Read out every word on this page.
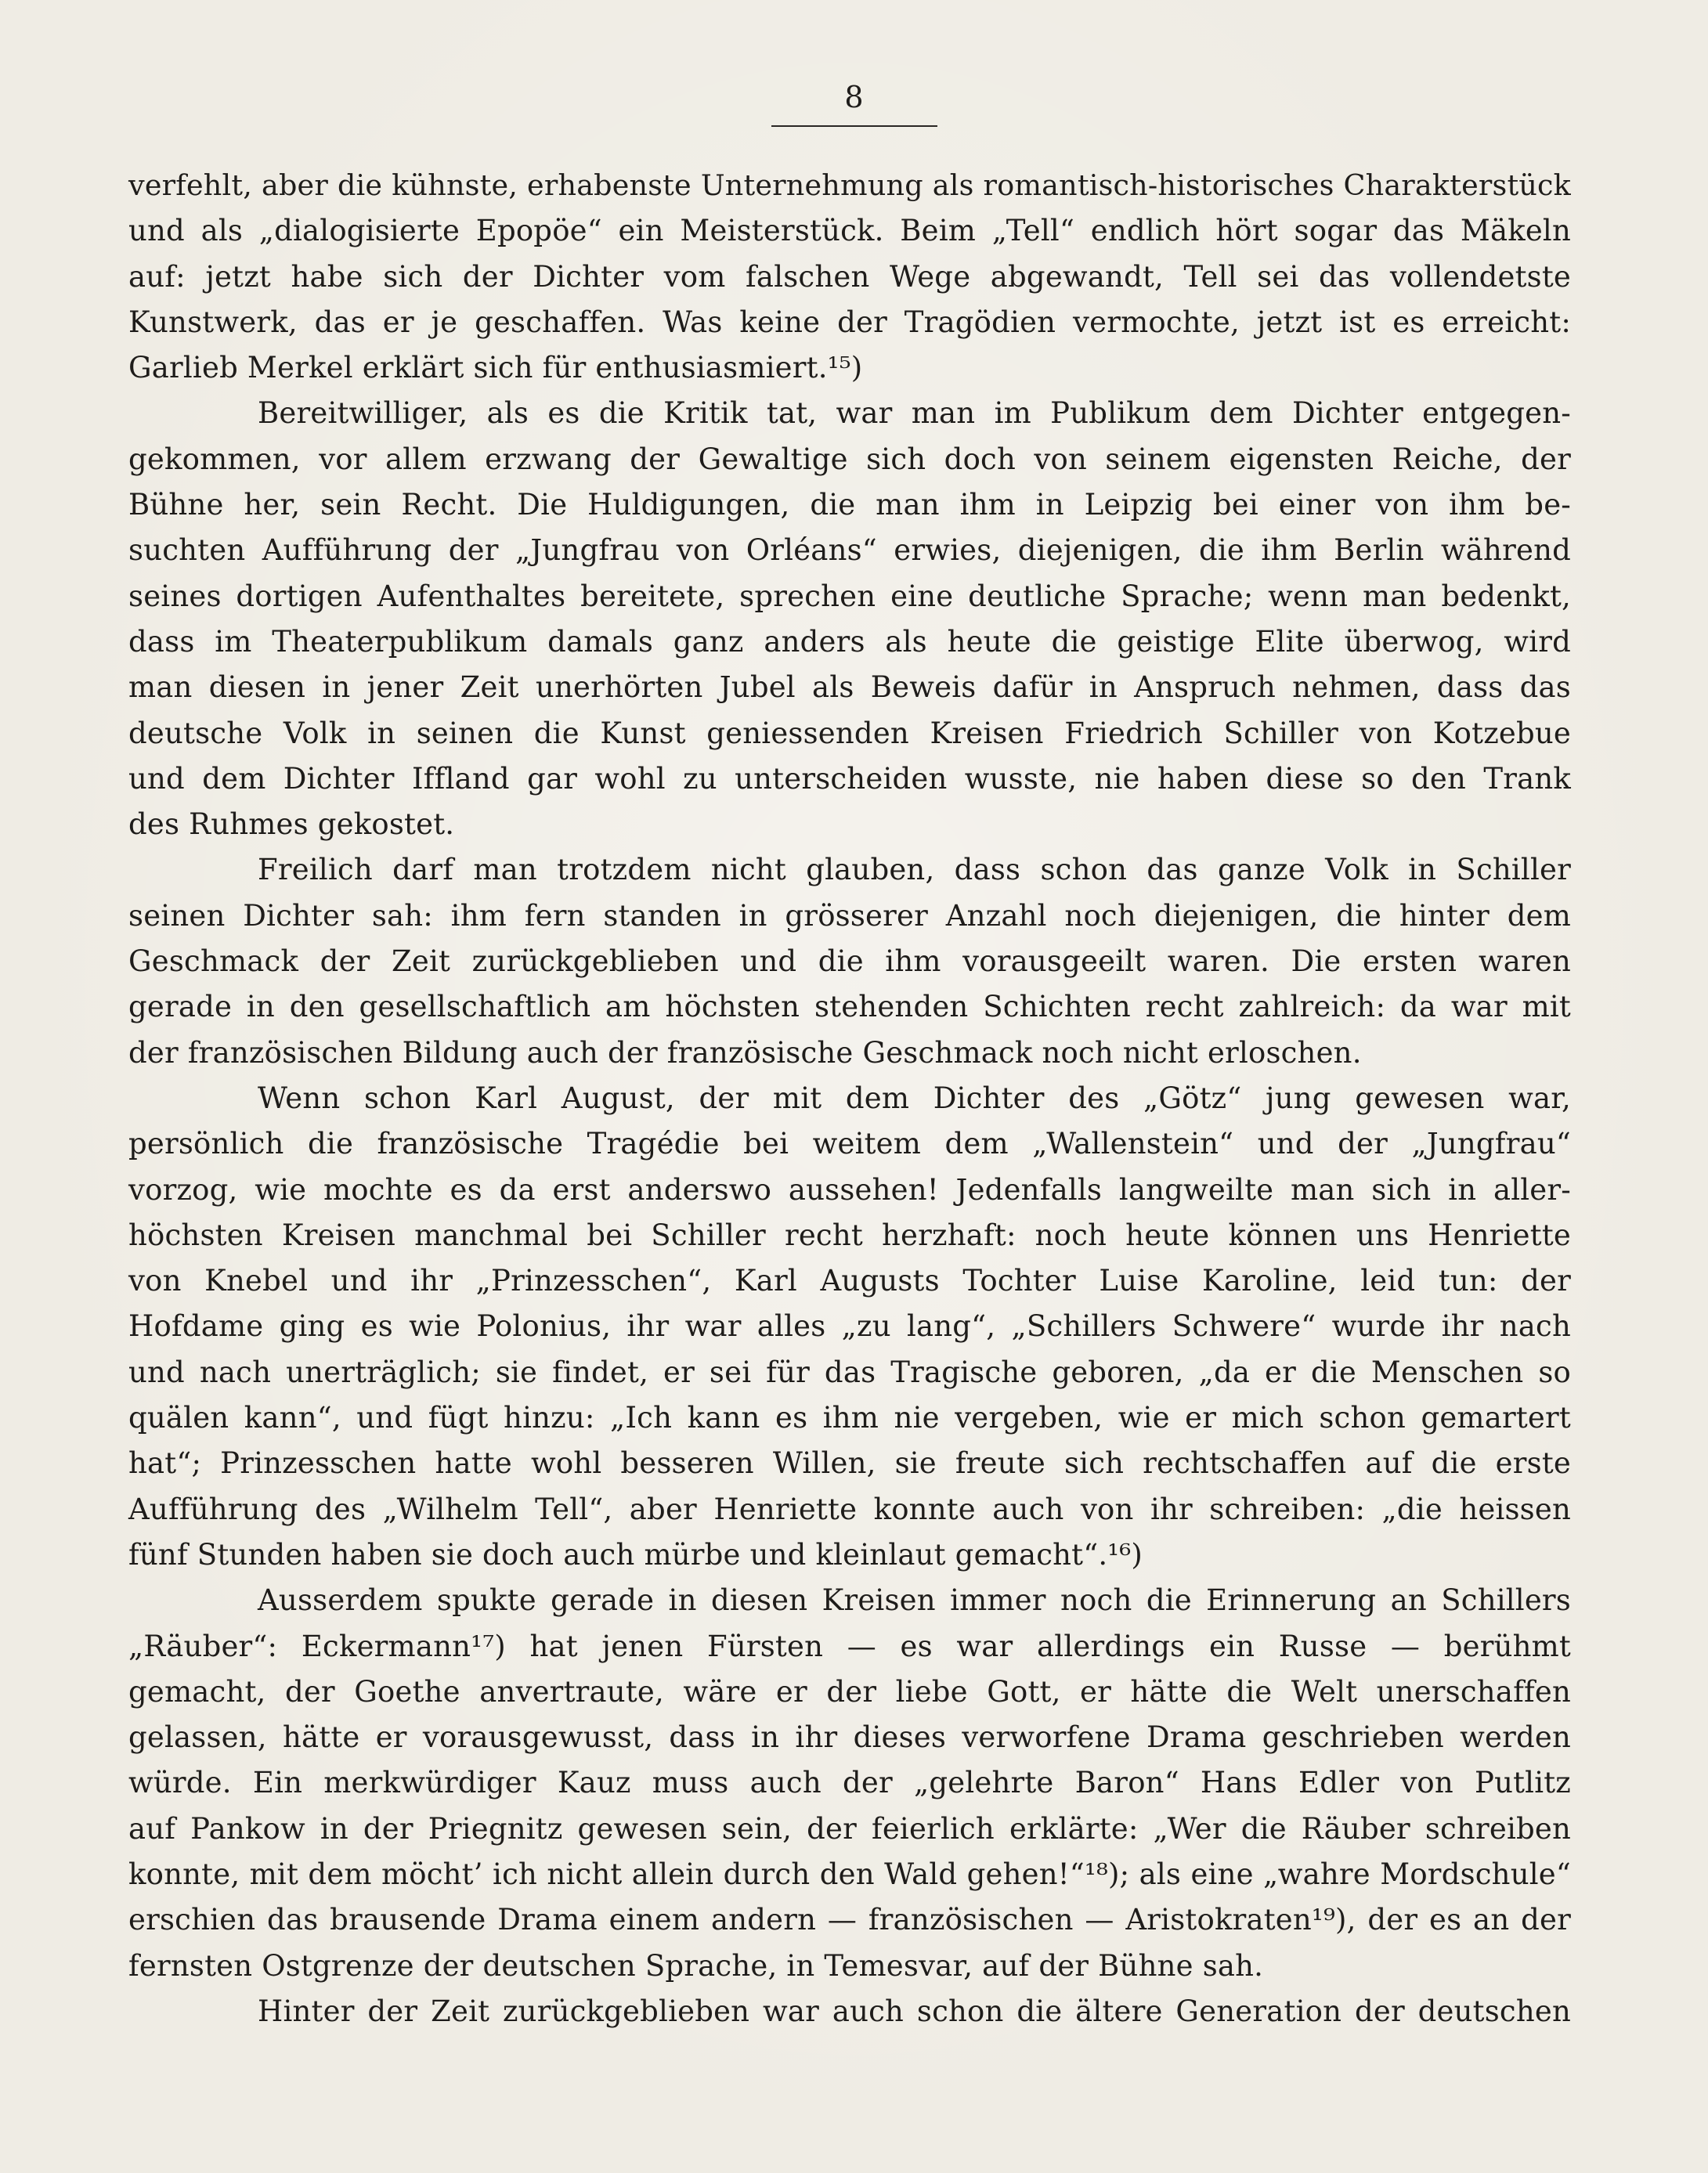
8
verfehlt, aber die kühnste, erhabenste Unternehmung als romantisch-historisches Charakterstück
und als „dialogisierte Epopöe“ ein Meisterstück. Beim „Tell“ endlich hört sogar das Mäkeln
auf: jetzt habe sich der Dichter vom falschen Wege abgewandt, Tell sei das vollendetste
Kunstwerk, das er je geschaffen. Was keine der Tragödien vermochte, jetzt ist es erreicht:
Garlieb Merkel erklärt sich für enthusiasmiert.¹⁵)
Bereitwilliger, als es die Kritik tat, war man im Publikum dem Dichter entgegen-
gekommen, vor allem erzwang der Gewaltige sich doch von seinem eigensten Reiche, der
Bühne her, sein Recht. Die Huldigungen, die man ihm in Leipzig bei einer von ihm be-
suchten Aufführung der „Jungfrau von Orléans“ erwies, diejenigen, die ihm Berlin während
seines dortigen Aufenthaltes bereitete, sprechen eine deutliche Sprache; wenn man bedenkt,
dass im Theaterpublikum damals ganz anders als heute die geistige Elite überwog, wird
man diesen in jener Zeit unerhörten Jubel als Beweis dafür in Anspruch nehmen, dass das
deutsche Volk in seinen die Kunst geniessenden Kreisen Friedrich Schiller von Kotzebue
und dem Dichter Iffland gar wohl zu unterscheiden wusste, nie haben diese so den Trank
des Ruhmes gekostet.
Freilich darf man trotzdem nicht glauben, dass schon das ganze Volk in Schiller
seinen Dichter sah: ihm fern standen in grösserer Anzahl noch diejenigen, die hinter dem
Geschmack der Zeit zurückgeblieben und die ihm vorausgeeilt waren. Die ersten waren
gerade in den gesellschaftlich am höchsten stehenden Schichten recht zahlreich: da war mit
der französischen Bildung auch der französische Geschmack noch nicht erloschen.
Wenn schon Karl August, der mit dem Dichter des „Götz“ jung gewesen war,
persönlich die französische Tragédie bei weitem dem „Wallenstein“ und der „Jungfrau“
vorzog, wie mochte es da erst anderswo aussehen! Jedenfalls langweilte man sich in aller-
höchsten Kreisen manchmal bei Schiller recht herzhaft: noch heute können uns Henriette
von Knebel und ihr „Prinzesschen“, Karl Augusts Tochter Luise Karoline, leid tun: der
Hofdame ging es wie Polonius, ihr war alles „zu lang“, „Schillers Schwere“ wurde ihr nach
und nach unerträglich; sie findet, er sei für das Tragische geboren, „da er die Menschen so
quälen kann“, und fügt hinzu: „Ich kann es ihm nie vergeben, wie er mich schon gemartert
hat“; Prinzesschen hatte wohl besseren Willen, sie freute sich rechtschaffen auf die erste
Aufführung des „Wilhelm Tell“, aber Henriette konnte auch von ihr schreiben: „die heissen
fünf Stunden haben sie doch auch mürbe und kleinlaut gemacht“.¹⁶)
Ausserdem spukte gerade in diesen Kreisen immer noch die Erinnerung an Schillers
„Räuber“: Eckermann¹⁷) hat jenen Fürsten — es war allerdings ein Russe — berühmt
gemacht, der Goethe anvertraute, wäre er der liebe Gott, er hätte die Welt unerschaffen
gelassen, hätte er vorausgewusst, dass in ihr dieses verworfene Drama geschrieben werden
würde. Ein merkwürdiger Kauz muss auch der „gelehrte Baron“ Hans Edler von Putlitz
auf Pankow in der Priegnitz gewesen sein, der feierlich erklärte: „Wer die Räuber schreiben
konnte, mit dem möcht’ ich nicht allein durch den Wald gehen!“¹⁸); als eine „wahre Mordschule“
erschien das brausende Drama einem andern — französischen — Aristokraten¹⁹), der es an der
fernsten Ostgrenze der deutschen Sprache, in Temesvar, auf der Bühne sah.
Hinter der Zeit zurückgeblieben war auch schon die ältere Generation der deutschen
